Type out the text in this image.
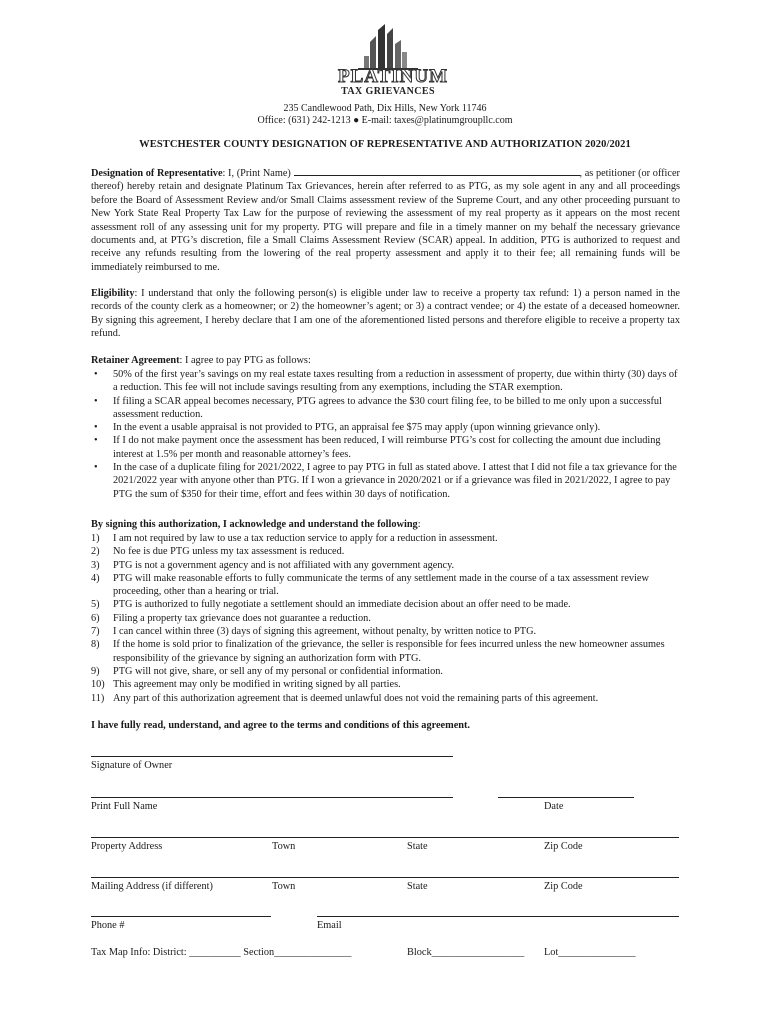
PLATINUM
TAX GRIEVANCES
235 Candlewood Path, Dix Hills, New York 11746
Office: (631) 242-1213 ● E-mail: taxes@platinumgroupllc.com
WESTCHESTER COUNTY DESIGNATION OF REPRESENTATIVE AND AUTHORIZATION 2020/2021
Designation of Representative: I, (Print Name)	, as petitioner (or officer thereof) hereby retain and designate Platinum Tax Grievances, herein after referred to as PTG, as my sole agent in any and all proceedings before the Board of Assessment Review and/or Small Claims assessment review of the Supreme Court, and any other proceeding pursuant to New York State Real Property Tax Law for the purpose of reviewing the assessment of my real property as it appears on the most recent assessment roll of any assessing unit for my property. PTG will prepare and file in a timely manner on my behalf the necessary grievance documents and, at PTG’s discretion, file a Small Claims Assessment Review (SCAR) appeal. In addition, PTG is authorized to request and receive any refunds resulting from the lowering of the real property assessment and apply it to their fee; all remaining funds will be immediately reimbursed to me.
Eligibility: I understand that only the following person(s) is eligible under law to receive a property tax refund: 1) a person named in the records of the county clerk as a homeowner; or 2) the homeowner’s agent; or 3) a contract vendee; or 4) the estate of a deceased homeowner. By signing this agreement, I hereby declare that I am one of the aforementioned listed persons and therefore eligible to receive a property tax refund.
Retainer Agreement: I agree to pay PTG as follows:
• 50% of the first year’s savings on my real estate taxes resulting from a reduction in assessment of property, due within thirty (30) days of a reduction. This fee will not include savings resulting from any exemptions, including the STAR exemption.
• If filing a SCAR appeal becomes necessary, PTG agrees to advance the $30 court filing fee, to be billed to me only upon a successful assessment reduction.
• In the event a usable appraisal is not provided to PTG, an appraisal fee $75 may apply (upon winning grievance only).
• If I do not make payment once the assessment has been reduced, I will reimburse PTG’s cost for collecting the amount due including interest at 1.5% per month and reasonable attorney’s fees.
• In the case of a duplicate filing for 2021/2022, I agree to pay PTG in full as stated above. I attest that I did not file a tax grievance for the 2021/2022 year with anyone other than PTG. If I won a grievance in 2020/2021 or if a grievance was filed in 2021/2022, I agree to pay PTG the sum of $350 for their time, effort and fees within 30 days of notification.
By signing this authorization, I acknowledge and understand the following:
1) I am not required by law to use a tax reduction service to apply for a reduction in assessment.
2) No fee is due PTG unless my tax assessment is reduced.
3) PTG is not a government agency and is not affiliated with any government agency.
4) PTG will make reasonable efforts to fully communicate the terms of any settlement made in the course of a tax assessment review proceeding, other than a hearing or trial.
5) PTG is authorized to fully negotiate a settlement should an immediate decision about an offer need to be made.
6) Filing a property tax grievance does not guarantee a reduction.
7) I can cancel within three (3) days of signing this agreement, without penalty, by written notice to PTG.
8) If the home is sold prior to finalization of the grievance, the seller is responsible for fees incurred unless the new homeowner assumes responsibility of the grievance by signing an authorization form with PTG.
9) PTG will not give, share, or sell any of my personal or confidential information.
10) This agreement may only be modified in writing signed by all parties.
11) Any part of this authorization agreement that is deemed unlawful does not void the remaining parts of this agreement.
I have fully read, understand, and agree to the terms and conditions of this agreement.
Signature of Owner
Print Full Name	Date
Property Address	Town	State	Zip Code
Mailing Address (if different)	Town	State	Zip Code
Phone #	Email
Tax Map Info: District: __________ Section_______________	Block__________________ Lot_______________
